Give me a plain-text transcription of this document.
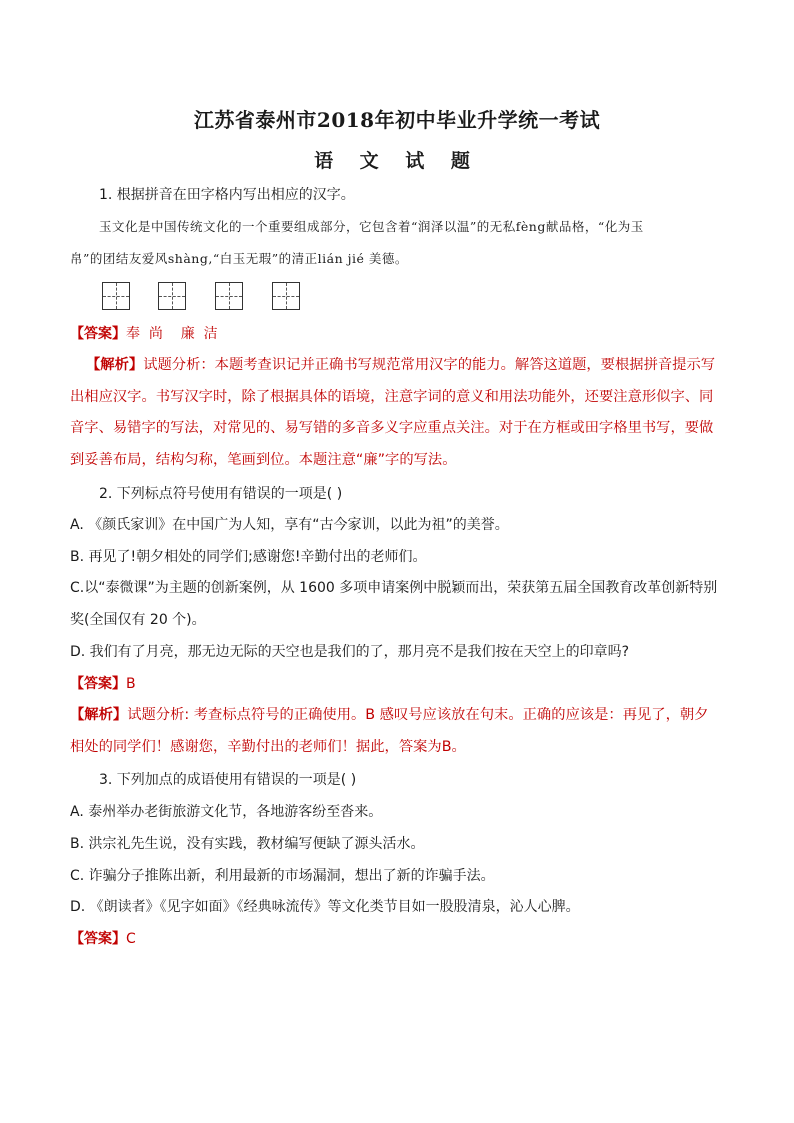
江苏省泰州市2018年初中毕业升学统一考试
语 文 试 题
1. 根据拼音在田字格内写出相应的汉字。
玉文化是中国传统文化的一个重要组成部分，它包含着“润泽以温”的无私fèng献品格，“化为玉
帛”的团结友爱风shàng,“白玉无瑕”的清正lián jié 美德。
【答案】奉  尚    廉  洁
【解析】试题分析：本题考查识记并正确书写规范常用汉字的能力。解答这道题，要根据拼音提示写出相应汉字。书写汉字时，除了根据具体的语境，注意字词的意义和用法功能外，还要注意形似字、同音字、易错字的写法，对常见的、易写错的多音多义字应重点关注。对于在方框或田字格里书写，要做到妥善布局，结构匀称，笔画到位。本题注意“廉”字的写法。
2. 下列标点符号使用有错误的一项是( )
A. 《颜氏家训》在中国广为人知，享有“古今家训，以此为祖”的美誉。
B. 再见了!朝夕相处的同学们;感谢您!辛勤付出的老师们。
C.以“泰微课”为主题的创新案例，从 1600 多项申请案例中脱颖而出，荣获第五届全国教育改革创新特别
奖(全国仅有 20 个)。
D. 我们有了月亮，那无边无际的天空也是我们的了，那月亮不是我们按在天空上的印章吗?
【答案】B
【解析】试题分析: 考查标点符号的正确使用。B 感叹号应该放在句末。正确的应该是：再见了，朝夕相处的同学们！感谢您，辛勤付出的老师们！据此，答案为B。
3. 下列加点的成语使用有错误的一项是( )
A. 泰州举办老街旅游文化节，各地游客纷至沓来。
B. 洪宗礼先生说，没有实践，教材编写便缺了源头活水。
C. 诈骗分子推陈出新，利用最新的市场漏洞，想出了新的诈骗手法。
D. 《朗读者》《见字如面》《经典咏流传》等文化类节目如一股股清泉，沁人心脾。
【答案】C
